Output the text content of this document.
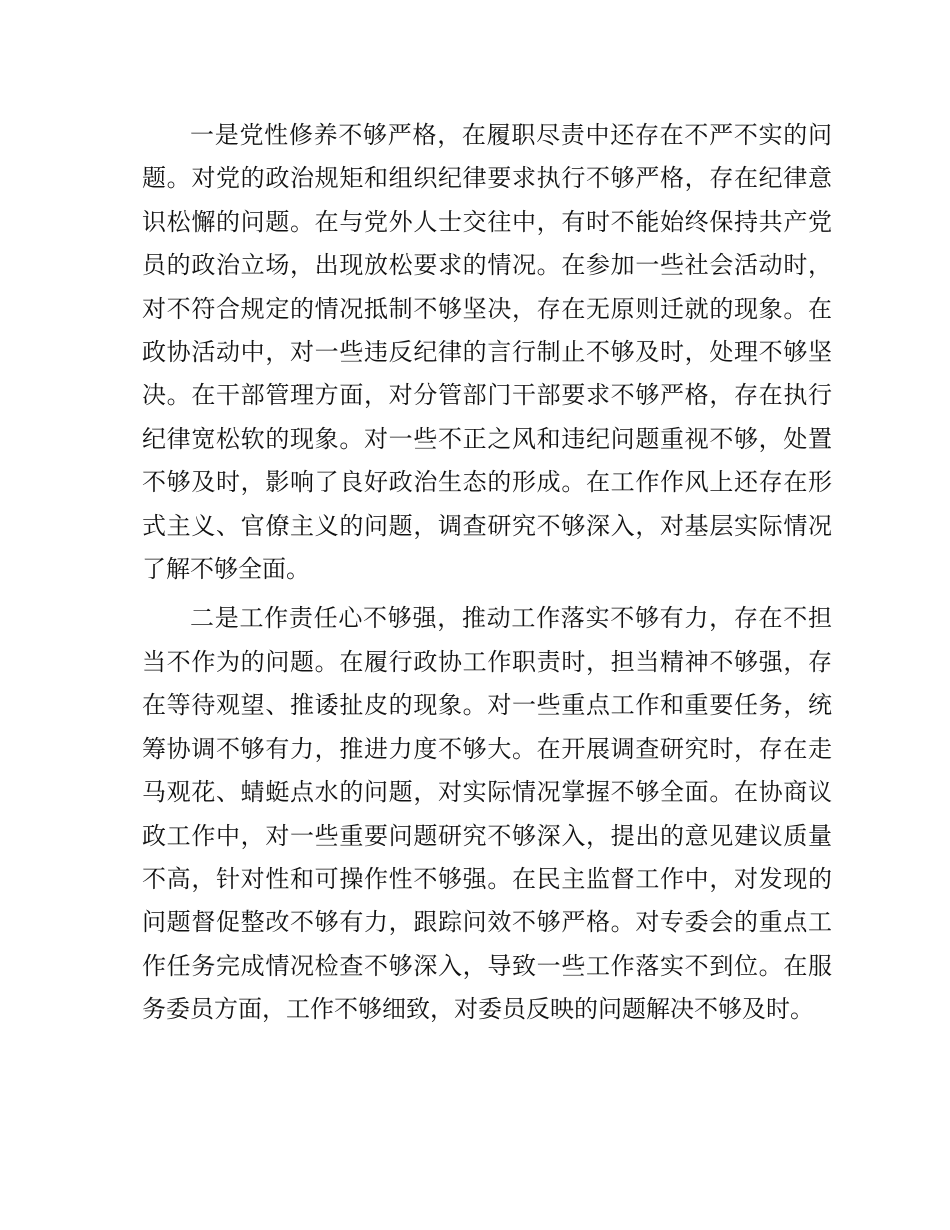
一是党性修养不够严格，在履职尽责中还存在不严不实的问题。对党的政治规矩和组织纪律要求执行不够严格，存在纪律意识松懈的问题。在与党外人士交往中，有时不能始终保持共产党员的政治立场，出现放松要求的情况。在参加一些社会活动时，对不符合规定的情况抵制不够坚决，存在无原则迁就的现象。在政协活动中，对一些违反纪律的言行制止不够及时，处理不够坚决。在干部管理方面，对分管部门干部要求不够严格，存在执行纪律宽松软的现象。对一些不正之风和违纪问题重视不够，处置不够及时，影响了良好政治生态的形成。在工作作风上还存在形式主义、官僚主义的问题，调查研究不够深入，对基层实际情况了解不够全面。

二是工作责任心不够强，推动工作落实不够有力，存在不担当不作为的问题。在履行政协工作职责时，担当精神不够强，存在等待观望、推诿扯皮的现象。对一些重点工作和重要任务，统筹协调不够有力，推进力度不够大。在开展调查研究时，存在走马观花、蜻蜓点水的问题，对实际情况掌握不够全面。在协商议政工作中，对一些重要问题研究不够深入，提出的意见建议质量不高，针对性和可操作性不够强。在民主监督工作中，对发现的问题督促整改不够有力，跟踪问效不够严格。对专委会的重点工作任务完成情况检查不够深入，导致一些工作落实不到位。在服务委员方面，工作不够细致，对委员反映的问题解决不够及时。
